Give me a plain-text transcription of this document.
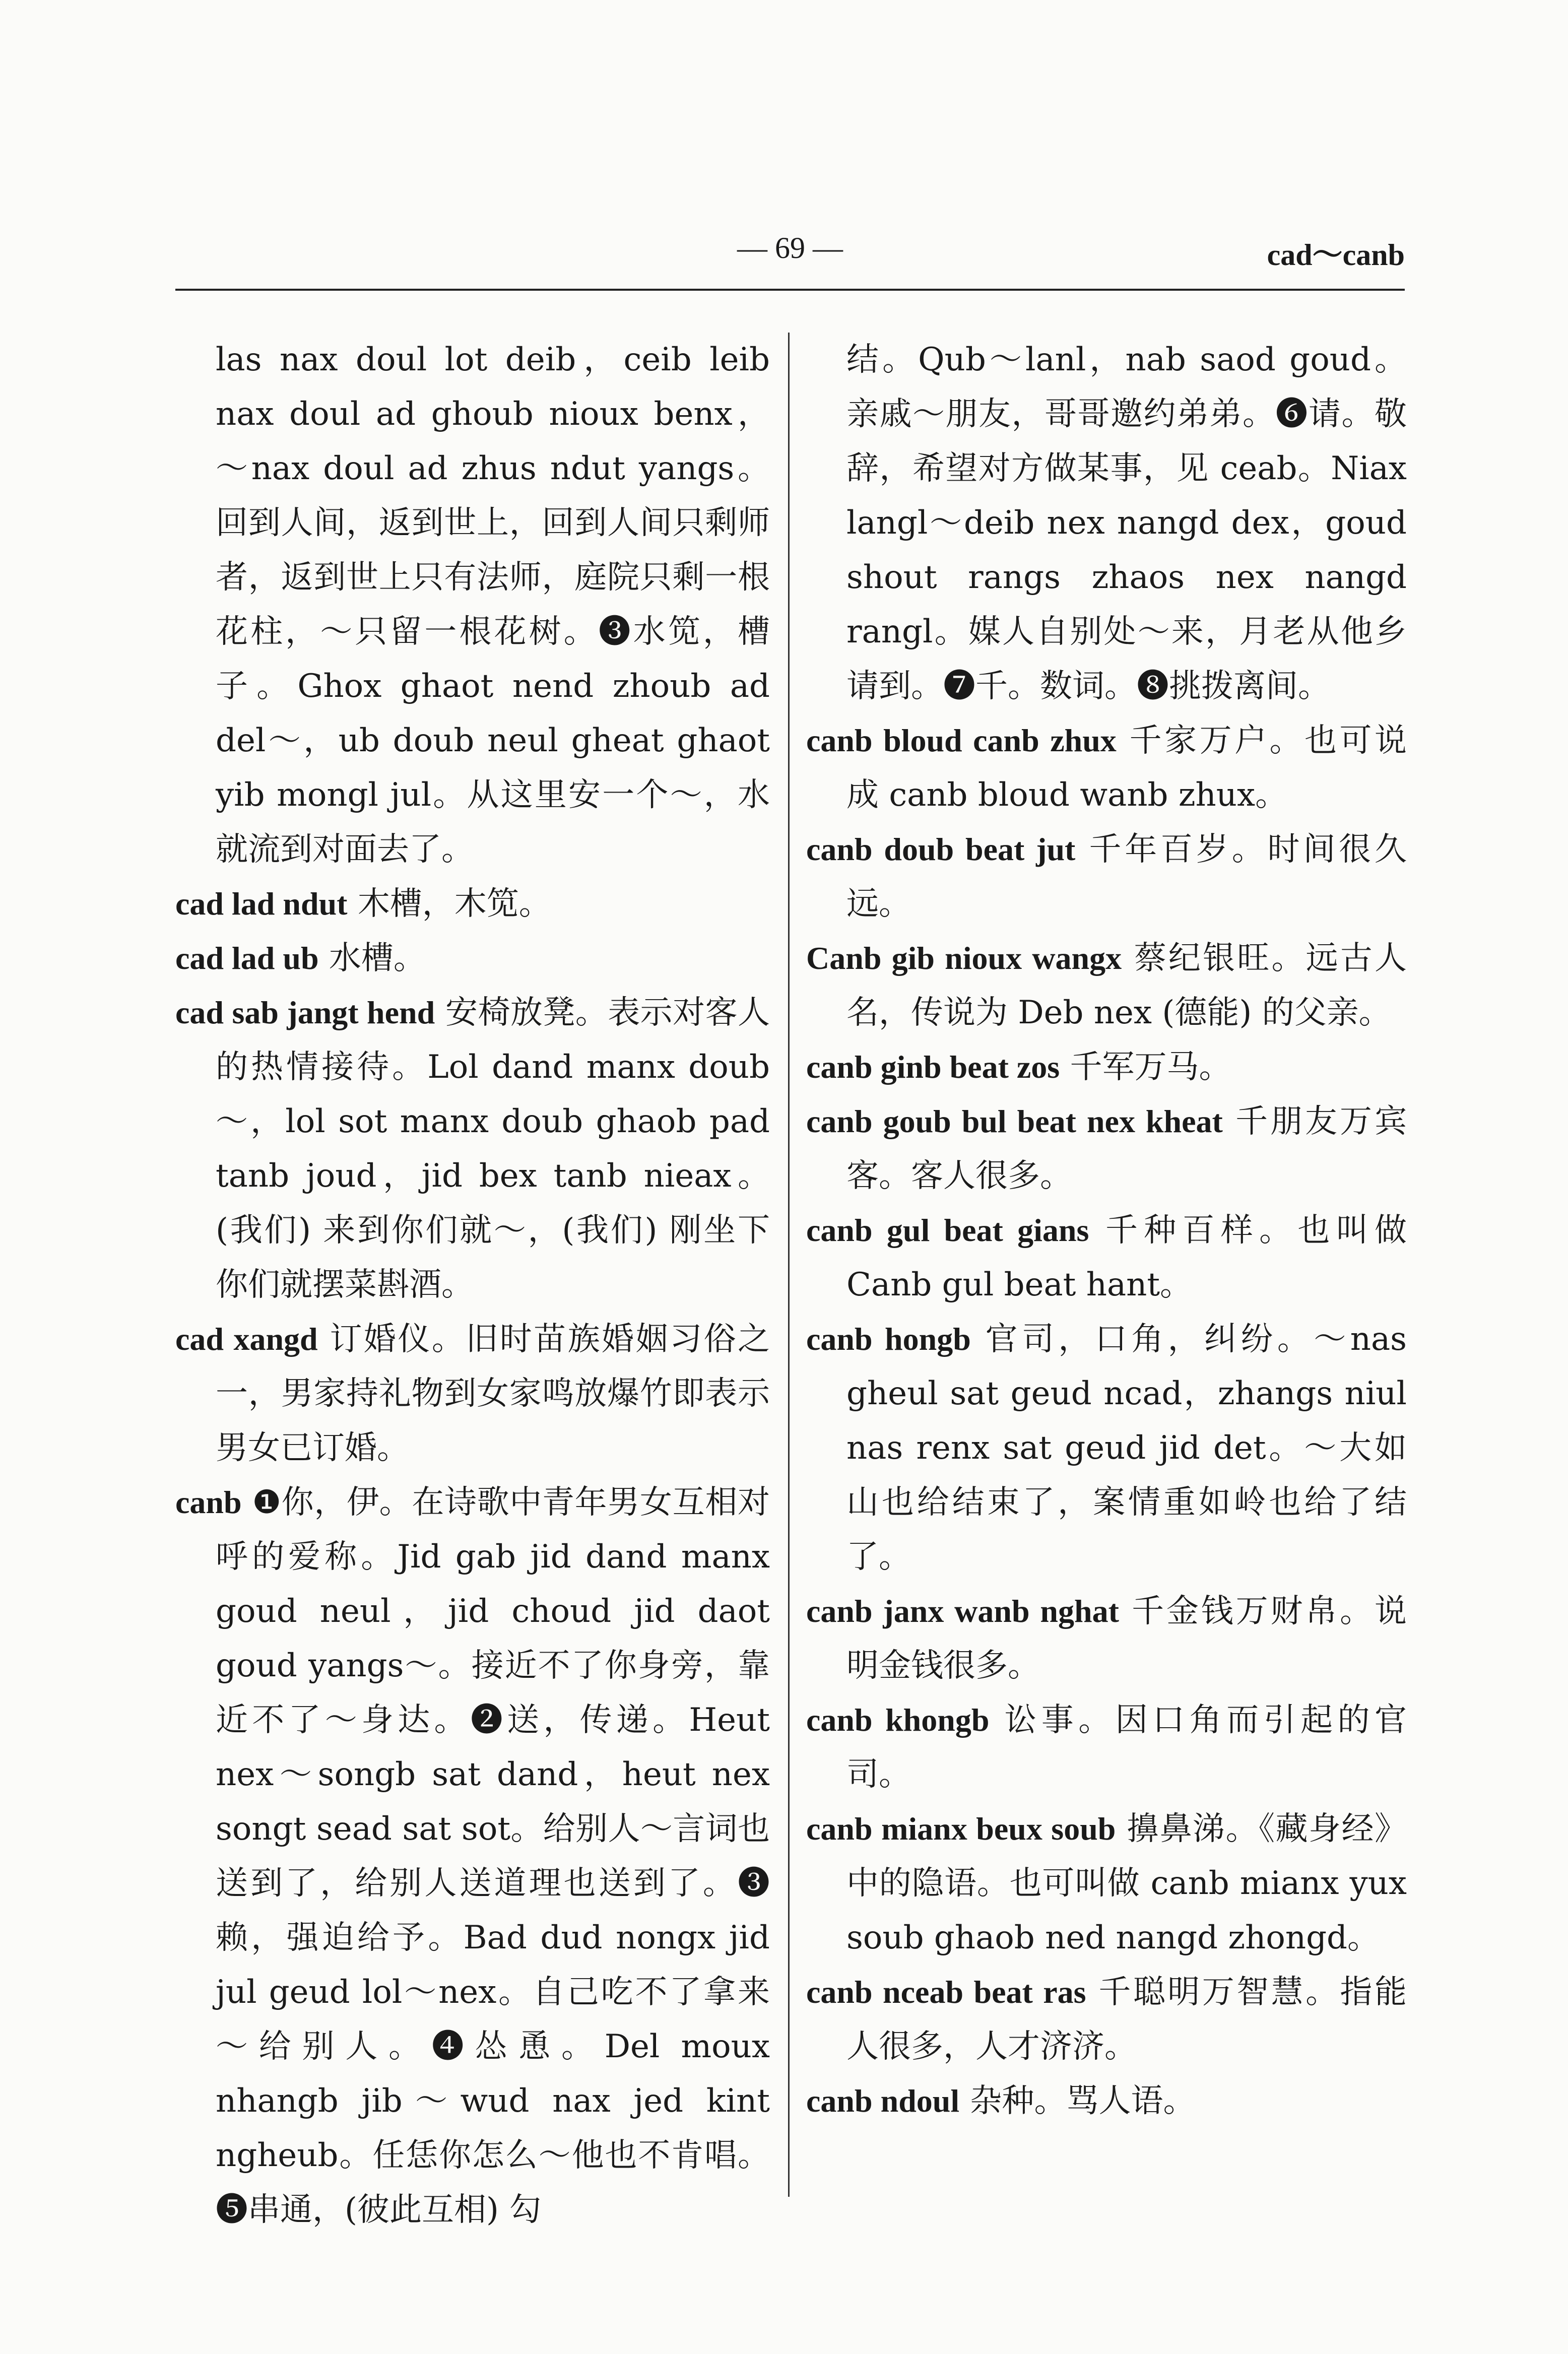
— 69 —	cad～canb

las nax doul lot deib，ceib leib nax doul ad ghoub nioux benx，～nax doul ad zhus ndut yangs。回到人间，返到世上，回到人间只剩师者，返到世上只有法师，庭院只剩一根花柱，～只留一根花树。❸水笕，槽子。Ghox ghaot nend zhoub ad del～，ub doub neul gheat ghaot yib mongl jul。从这里安一个～，水就流到对面去了。

cad lad ndut 木槽，木笕。

cad lad ub 水槽。

cad sab jangt hend 安椅放凳。表示对客人的热情接待。Lol dand manx doub～，lol sot manx doub ghaob pad tanb joud，jid bex tanb nieax。(我们) 来到你们就～，(我们) 刚坐下你们就摆菜斟酒。

cad xangd 订婚仪。旧时苗族婚姻习俗之一，男家持礼物到女家鸣放爆竹即表示男女已订婚。

canb ❶你，伊。在诗歌中青年男女互相对呼的爱称。Jid gab jid dand manx goud neul，jid choud jid daot goud yangs～。接近不了你身旁，靠近不了～身达。❷送，传递。Heut nex～songb sat dand，heut nex songt sead sat sot。给别人～言词也送到了，给别人送道理也送到了。❸赖，强迫给予。Bad dud nongx jid jul geud lol～nex。自己吃不了拿来～给别人。❹怂恿。Del moux nhangb jib～wud nax jed kint ngheub。任恁你怎么～他也不肯唱。❺串通，(彼此互相) 勾

结。Qub～lanl，nab saod goud。亲戚～朋友，哥哥邀约弟弟。❻请。敬辞，希望对方做某事，见 ceab。Niax langl～deib nex nangd dex，goud shout rangs zhaos nex nangd rangl。媒人自别处～来，月老从他乡请到。❼千。数词。❽挑拨离间。

canb bloud canb zhux 千家万户。也可说成 canb bloud wanb zhux。

canb doub beat jut 千年百岁。时间很久远。

Canb gib nioux wangx 蔡纪银旺。远古人名，传说为 Deb nex (德能) 的父亲。

canb ginb beat zos 千军万马。

canb goub bul beat nex kheat 千朋友万宾客。客人很多。

canb gul beat gians 千种百样。也叫做 Canb gul beat hant。

canb hongb 官司，口角，纠纷。～nas gheul sat geud ncad，zhangs niul nas renx sat geud jid det。～大如山也给结束了，案情重如岭也给了结了。

canb janx wanb nghat 千金钱万财帛。说明金钱很多。

canb khongb 讼事。因口角而引起的官司。

canb mianx beux soub 擤鼻涕。《藏身经》中的隐语。也可叫做 canb mianx yux soub ghaob ned nangd zhongd。

canb nceab beat ras 千聪明万智慧。指能人很多，人才济济。

canb ndoul 杂种。骂人语。
